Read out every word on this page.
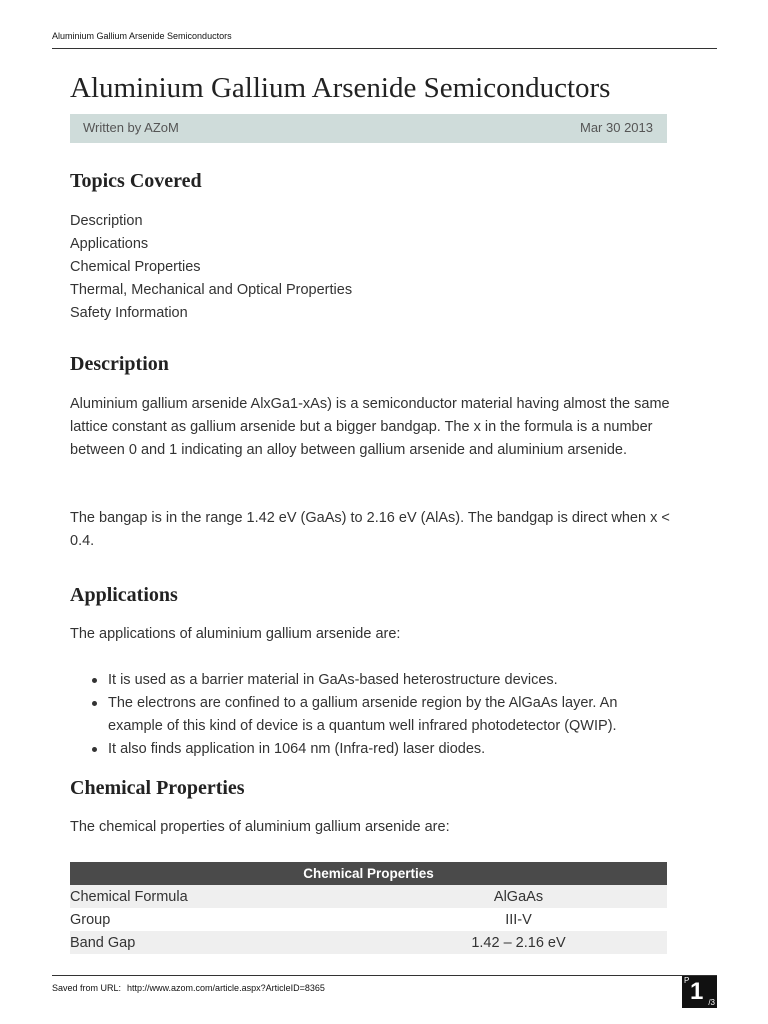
Aluminium Gallium Arsenide Semiconductors
Aluminium Gallium Arsenide Semiconductors
Written by AZoM	Mar 30 2013
Topics Covered
Description
Applications
Chemical Properties
Thermal, Mechanical and Optical Properties
Safety Information
Description

Aluminium gallium arsenide AlxGa1-xAs) is a semiconductor material having almost the same lattice constant as gallium arsenide but a bigger bandgap. The x in the formula is a number between 0 and 1 indicating an alloy between gallium arsenide and aluminium arsenide.

The bangap is in the range 1.42 eV (GaAs) to 2.16 eV (AlAs). The bandgap is direct when x < 0.4.

Applications

The applications of aluminium gallium arsenide are:

It is used as a barrier material in GaAs-based heterostructure devices.
The electrons are confined to a gallium arsenide region by the AlGaAs layer. An example of this kind of device is a quantum well infrared photodetector (QWIP).
It also finds application in 1064 nm (Infra-red) laser diodes.
Chemical Properties

The chemical properties of aluminium gallium arsenide are:

Chemical Properties	
Chemical Formula	AlGaAs
Group	III-V
Band Gap	1.42 – 2.16 eV
Saved from URL: http://www.azom.com/article.aspx?ArticleID=8365
P 1 /3
